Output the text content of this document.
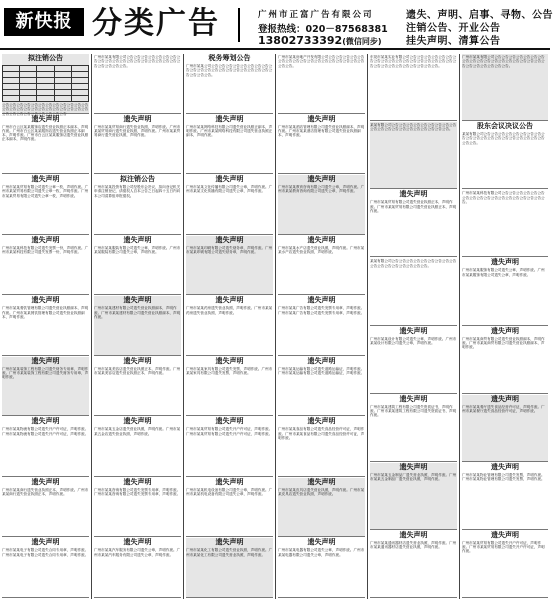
新快报 分类广告	广州市正富广告有限公司
登报热线：020－87568381
13802733392(微信同步)
遗失、声明、启事、寻物、公告
注销公告、开业公告
挂失声明、清算公告
拟注销公告

公告公告公告公告公告公告公告公告公告公告公告公告公告公告公告公告公告公告公告公告公告公告公告公告公告公告公告公告公告公告公告公告公告
遗失声明
广州市白云区某某服饰店遗失营业执照正本副本，声明作废。广州市白云区某某服饰店遗失营业执照正本副本，声明作废。广州市白云区某某服饰店遗失营业执照正本副本，声明作废。
遗失声明
广州市某某贸易有限公司遗失公章一枚，声明作废。广州市某某贸易有限公司遗失公章一枚，声明作废。广州市某某贸易有限公司遗失公章一枚，声明作废。
遗失声明
广州市某某科技有限公司遗失发票一份，声明作废。广州市某某科技有限公司遗失发票一份，声明作废。
遗失声明
广州市某某餐饮管理有限公司遗失营业执照副本，声明作废。广州市某某餐饮管理有限公司遗失营业执照副本，声明作废。
遗失声明
广州市某某装饰工程有限公司遗失财务专用章，声明作废。广州市某某装饰工程有限公司遗失财务专用章，声明作废。
遗失声明
广州市某某物流有限公司遗失开户许可证，声明作废。广州市某某物流有限公司遗失开户许可证，声明作废。
遗失声明
广州市某某商行遗失营业执照正本，声明作废。广州市某某商行遗失营业执照正本，声明作废。
遗失声明
广州市某某电子有限公司遗失合同专用章，声明作废。广州市某某电子有限公司遗失合同专用章，声明作废。
广州市某某有限公司公告公告公告公告公告公告公告公告公告公告公告公告公告公告公告公告公告公告公告公告公告公告公告公告。
遗失声明
广州市某某贸易商行遗失营业执照，声明作废。广州市某某贸易商行遗失营业执照，声明作废。广州市某某贸易商行遗失营业执照，声明作废。
拟注销公告
广州市某某投资有限公司经股东会决议，拟向登记机关申请注销登记，请债权人自本公告之日起四十五日内向本公司清算组申报债权。
遗失声明
广州市某某服装有限公司遗失公章，声明作废。广州市某某服装有限公司遗失公章，声明作废。
遗失声明
广州市某某建材有限公司遗失营业执照副本，声明作废。广州市某某建材有限公司遗失营业执照副本，声明作废。
遗失声明
广州市某某美容店遗失营业执照正本，声明作废。广州市某某美容店遗失营业执照正本，声明作废。
遗失声明
广州市某某五金店遗失营业执照，声明作废。广州市某某五金店遗失营业执照，声明作废。
遗失声明
广州市某某咨询有限公司遗失发票专用章，声明作废。广州市某某咨询有限公司遗失发票专用章，声明作废。
遗失声明
广州市某某汽车服务有限公司遗失公章，声明作废。广州市某某汽车服务有限公司遗失公章，声明作废。
税务筹划公告
广州市某某公司公告公告公告公告公告公告公告公告公告公告公告公告公告公告公告公告公告公告公告公告公告公告公告公告。
遗失声明
广州市某某网络科技有限公司遗失营业执照正副本，声明作废。广州市某某网络科技有限公司遗失营业执照正副本，声明作废。
遗失声明
广州市某某文化传播有限公司遗失公章，声明作废。广州市某某文化传播有限公司遗失公章，声明作废。
遗失声明
广州市某某印刷有限公司遗失财务章，声明作废。广州市某某印刷有限公司遗失财务章，声明作废。
遗失声明
广州市某某药房遗失营业执照，声明作废。广州市某某药房遗失营业执照，声明作废。
遗失声明
广州市某某家具有限公司遗失发票，声明作废。广州市某某家具有限公司遗失发票，声明作废。
遗失声明
广州市某某贸易有限公司遗失开户许可证，声明作废。广州市某某贸易有限公司遗失开户许可证，声明作废。
遗失声明
广州市某某机电设备有限公司遗失公章，声明作废。广州市某某机电设备有限公司遗失公章，声明作废。
遗失声明
广州市某某化工有限公司遗失营业执照，声明作废。广州市某某化工有限公司遗失营业执照，声明作废。
广州市某某房地产开发有限公司公告公告公告公告公告公告公告公告公告公告公告公告公告公告公告公告公告公告公告。
遗失声明
广州市某某酒店管理有限公司遗失营业执照副本，声明作废。广州市某某酒店管理有限公司遗失营业执照副本，声明作废。
遗失声明
广州市某某教育咨询有限公司遗失公章，声明作废。广州市某某教育咨询有限公司遗失公章，声明作废。
遗失声明
广州市某某水产店遗失营业执照，声明作废。广州市某某水产店遗失营业执照，声明作废。
遗失声明
广州市某某广告有限公司遗失发票专用章，声明作废。广州市某某广告有限公司遗失发票专用章，声明作废。
遗失声明
广州市某某运输有限公司遗失道路运输证，声明作废。广州市某某运输有限公司遗失道路运输证，声明作废。
遗失声明
广州市某某食品有限公司遗失食品经营许可证，声明作废。广州市某某食品有限公司遗失食品经营许可证，声明作废。
遗失声明
广州市某某皮具店遗失营业执照，声明作废。广州市某某皮具店遗失营业执照，声明作废。
遗失声明
广州市某某电器有限公司遗失公章，声明作废。广州市某某电器有限公司遗失公章，声明作废。
东莞市某某实业有限公司公告公告公告公告公告公告公告公告公告公告公告公告公告公告公告公告公告公告公告公告公告公告公告公告公告公告公告公告。
某某有限公司公告公告公告公告公告公告公告公告公告公告公告公告公告公告公告公告公告公告公告公告。
遗失声明
广州市某某贸易有限公司遗失营业执照正本，声明作废。广州市某某贸易有限公司遗失营业执照正本，声明作废。
某某有限公司公告公告公告公告公告公告公告公告公告公告公告公告公告公告公告公告公告。
遗失声明
广州市某某设计有限公司遗失公章，声明作废。广州市某某设计有限公司遗失公章，声明作废。
遗失声明
广州市某某建筑工程有限公司遗失资质证书，声明作废。广州市某某建筑工程有限公司遗失资质证书，声明作废。
遗失声明
广州市某某五金制品厂遗失营业执照，声明作废。广州市某某五金制品厂遗失营业执照，声明作废。
遗失声明
广州市某某通讯器材店遗失营业执照，声明作废。广州市某某通讯器材店遗失营业执照，声明作废。
广州市某某有限公司公告公告公告公告公告公告公告公告公告公告公告公告公告公告公告公告公告公告公告公告公告公告公告公告公告。
股东会议决议公告
某某有限公司公告公告公告公告公告公告公告公告公告公告公告公告公告公告公告公告公告公告公告公告公告公告。
广州市某某科技有限公司公告公告公告公告公告公告公告公告公告公告公告公告公告公告公告公告公告公告。
遗失声明
广州市某某服饰有限公司遗失公章，声明作废。广州市某某服饰有限公司遗失公章，声明作废。
遗失声明
广州市某某商贸有限公司遗失营业执照副本，声明作废。广州市某某商贸有限公司遗失营业执照副本，声明作废。
遗失声明
广州市某某餐厅遗失食品经营许可证，声明作废。广州市某某餐厅遗失食品经营许可证，声明作废。
遗失声明
广州市某某物业管理有限公司遗失发票，声明作废。广州市某某物业管理有限公司遗失发票，声明作废。
遗失声明
广州市某某贸易有限公司遗失开户许可证，声明作废。广州市某某贸易有限公司遗失开户许可证，声明作废。
